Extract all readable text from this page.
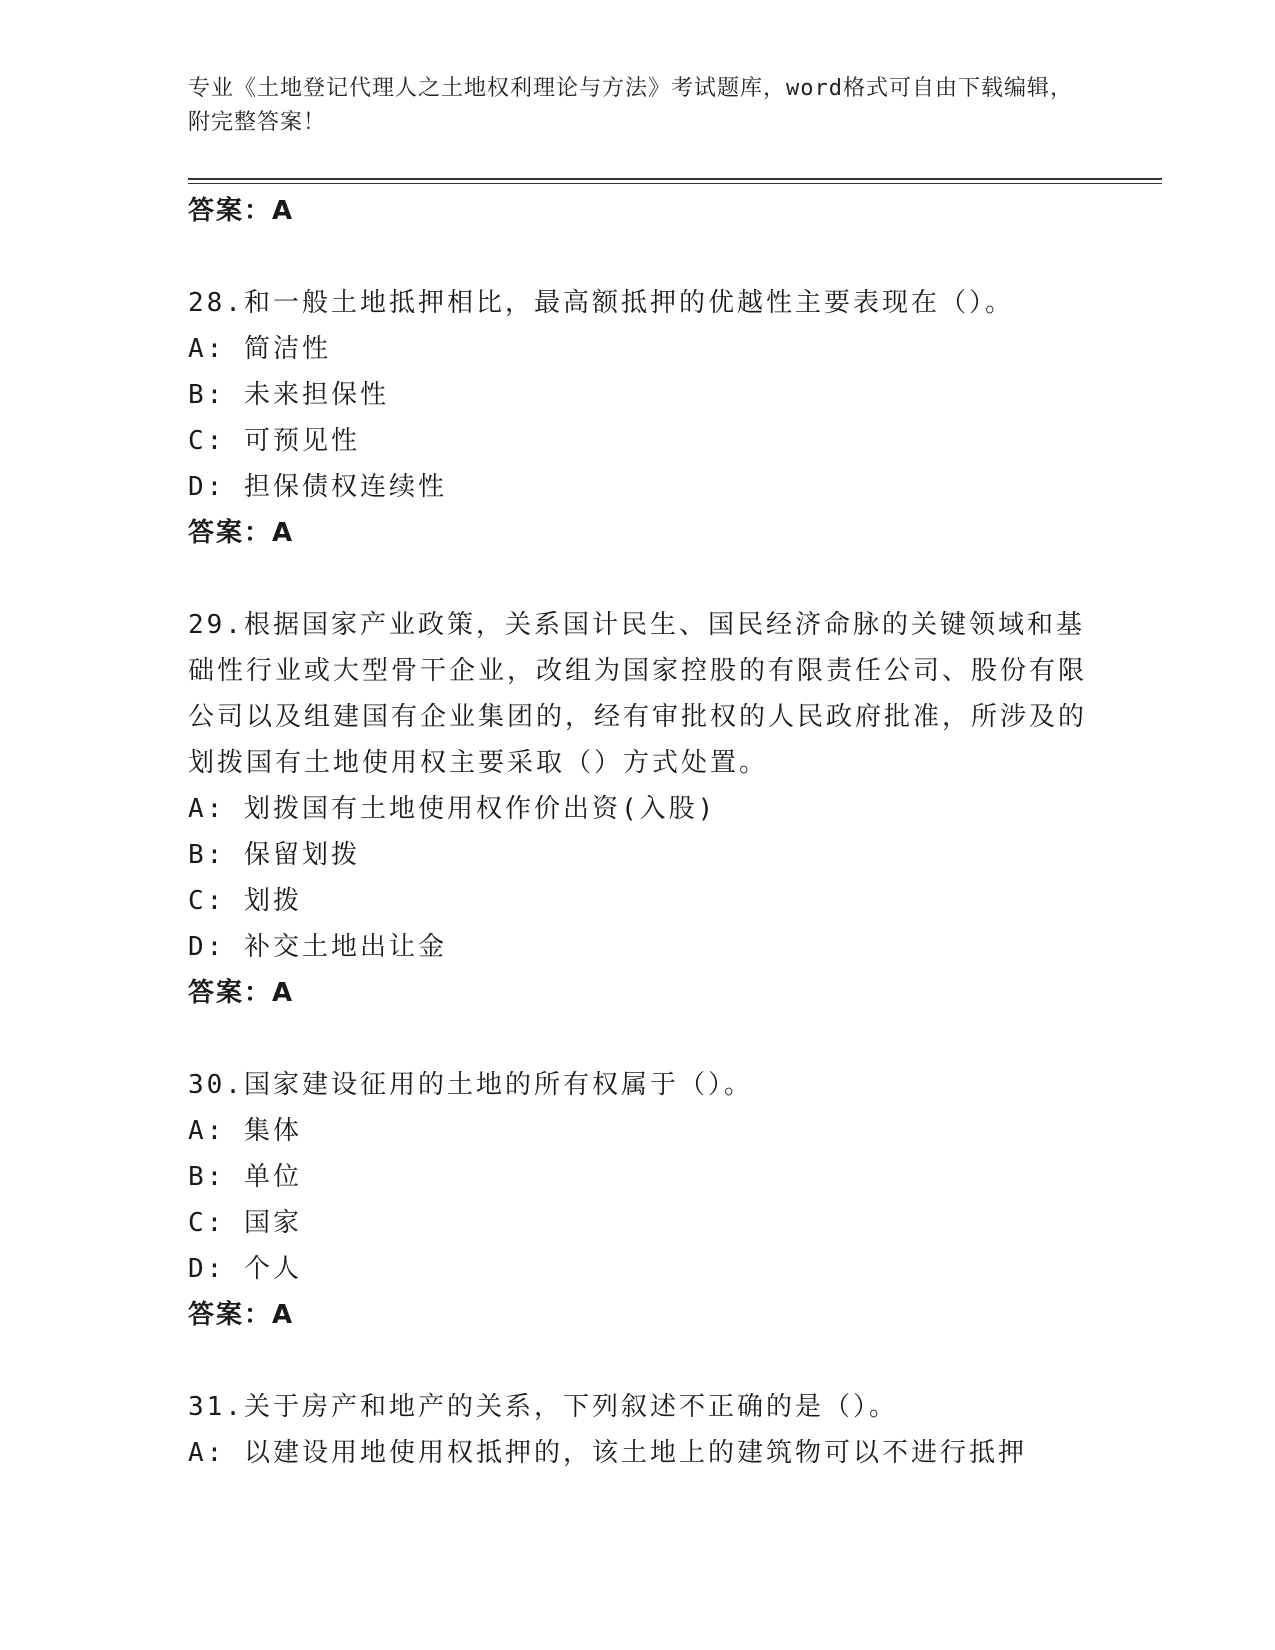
专业《土地登记代理人之土地权利理论与方法》考试题库，word格式可自由下载编辑，附完整答案！
答案：A
28.和一般土地抵押相比，最高额抵押的优越性主要表现在（）。
A: 简洁性
B: 未来担保性
C: 可预见性
D: 担保债权连续性
答案：A
29.根据国家产业政策，关系国计民生、国民经济命脉的关键领域和基础性行业或大型骨干企业，改组为国家控股的有限责任公司、股份有限公司以及组建国有企业集团的，经有审批权的人民政府批准，所涉及的划拨国有土地使用权主要采取（）方式处置。
A: 划拨国有土地使用权作价出资(入股)
B: 保留划拨
C: 划拨
D: 补交土地出让金
答案：A
30.国家建设征用的土地的所有权属于（）。
A: 集体
B: 单位
C: 国家
D: 个人
答案：A
31.关于房产和地产的关系，下列叙述不正确的是（）。
A: 以建设用地使用权抵押的，该土地上的建筑物可以不进行抵押
